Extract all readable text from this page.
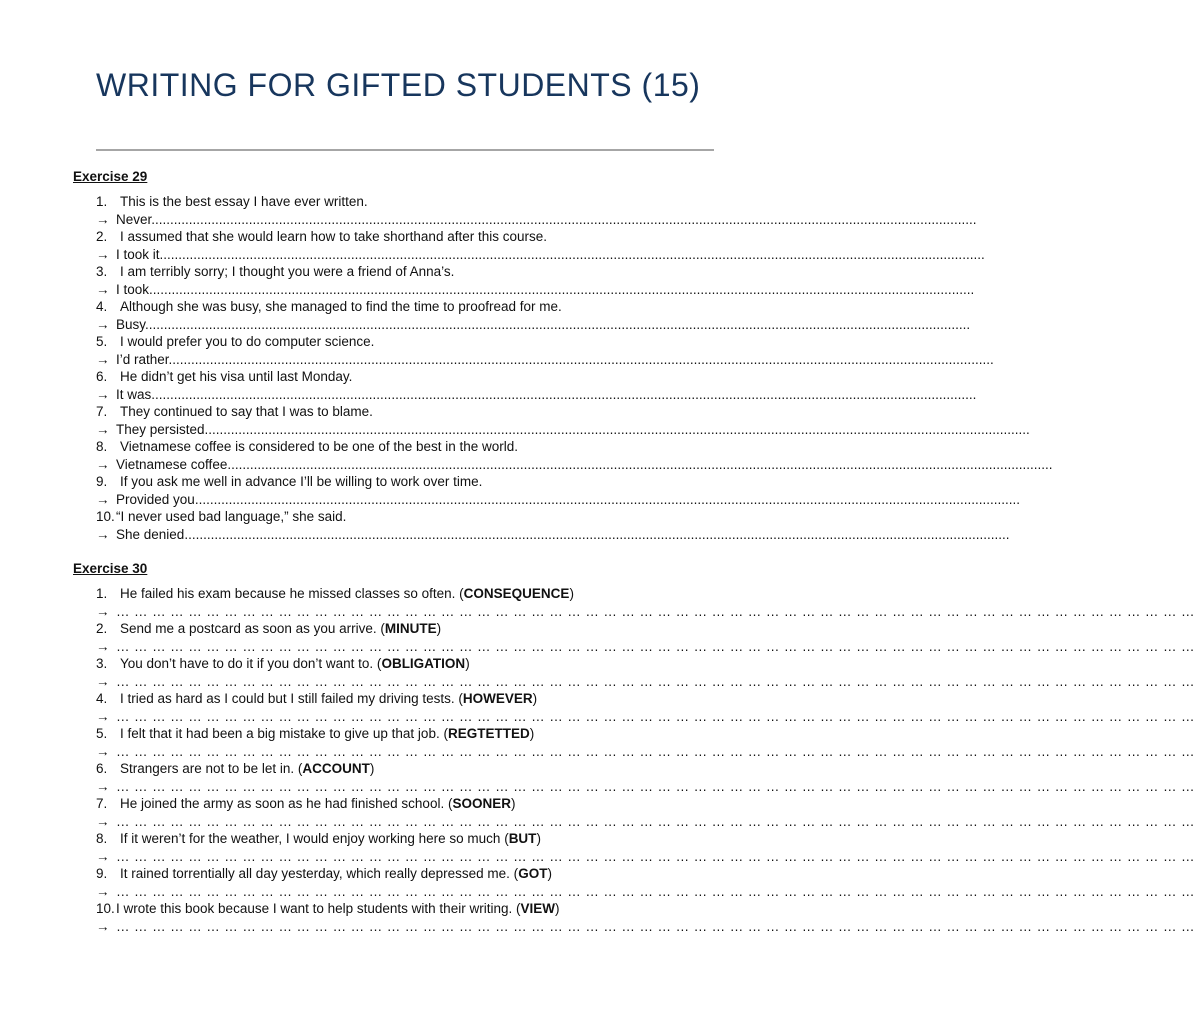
WRITING FOR GIFTED STUDENTS (15)
Exercise 29
1. This is the best essay I have ever written.
→ Never............................................................................................................................................................................................................................
2. I assumed that she would learn how to take shorthand after this course.
→ I took it............................................................................................................................................................................................................................
3. I am terribly sorry; I thought you were a friend of Anna’s.
→ I took............................................................................................................................................................................................................................
4. Although she was busy, she managed to find the time to proofread for me.
→ Busy............................................................................................................................................................................................................................
5. I would prefer you to do computer science.
→ I’d rather............................................................................................................................................................................................................................
6. He didn’t get his visa until last Monday.
→ It was............................................................................................................................................................................................................................
7. They continued to say that I was to blame.
→ They persisted............................................................................................................................................................................................................................
8. Vietnamese coffee is considered to be one of the best in the world.
→ Vietnamese coffee............................................................................................................................................................................................................................
9. If you ask me well in advance I’ll be willing to work over time.
→ Provided you............................................................................................................................................................................................................................
10.“I never used bad language,” she said.
→ She denied............................................................................................................................................................................................................................
Exercise 30
1. He failed his exam because he missed classes so often. (CONSEQUENCE)
→ … … … … … … … … … … … … … … … … … … … … … … … … … … … … … … … … … … … … … … … … … … … … … … … … … … … … … … … … … … … …
2. Send me a postcard as soon as you arrive. (MINUTE)
→ … … … … … … … … … … … … … … … … … … … … … … … … … … … … … … … … … … … … … … … … … … … … … … … … … … … … … … … … … … … …
3. You don’t have to do it if you don’t want to. (OBLIGATION)
→ … … … … … … … … … … … … … … … … … … … … … … … … … … … … … … … … … … … … … … … … … … … … … … … … … … … … … … … … … … … …
4. I tried as hard as I could but I still failed my driving tests. (HOWEVER)
→ … … … … … … … … … … … … … … … … … … … … … … … … … … … … … … … … … … … … … … … … … … … … … … … … … … … … … … … … … … … …
5. I felt that it had been a big mistake to give up that job. (REGTETTED)
→ … … … … … … … … … … … … … … … … … … … … … … … … … … … … … … … … … … … … … … … … … … … … … … … … … … … … … … … … … … … …
6. Strangers are not to be let in. (ACCOUNT)
→ … … … … … … … … … … … … … … … … … … … … … … … … … … … … … … … … … … … … … … … … … … … … … … … … … … … … … … … … … … … …
7. He joined the army as soon as he had finished school. (SOONER)
→ … … … … … … … … … … … … … … … … … … … … … … … … … … … … … … … … … … … … … … … … … … … … … … … … … … … … … … … … … … … …
8. If it weren’t for the weather, I would enjoy working here so much (BUT)
→ … … … … … … … … … … … … … … … … … … … … … … … … … … … … … … … … … … … … … … … … … … … … … … … … … … … … … … … … … … … …
9. It rained torrentially all day yesterday, which really depressed me. (GOT)
→ … … … … … … … … … … … … … … … … … … … … … … … … … … … … … … … … … … … … … … … … … … … … … … … … … … … … … … … … … … … …
10.I wrote this book because I want to help students with their writing. (VIEW)
→ … … … … … … … … … … … … … … … … … … … … … … … … … … … … … … … … … … … … … … … … … … … … … … … … … … … … … … … … … … … …
